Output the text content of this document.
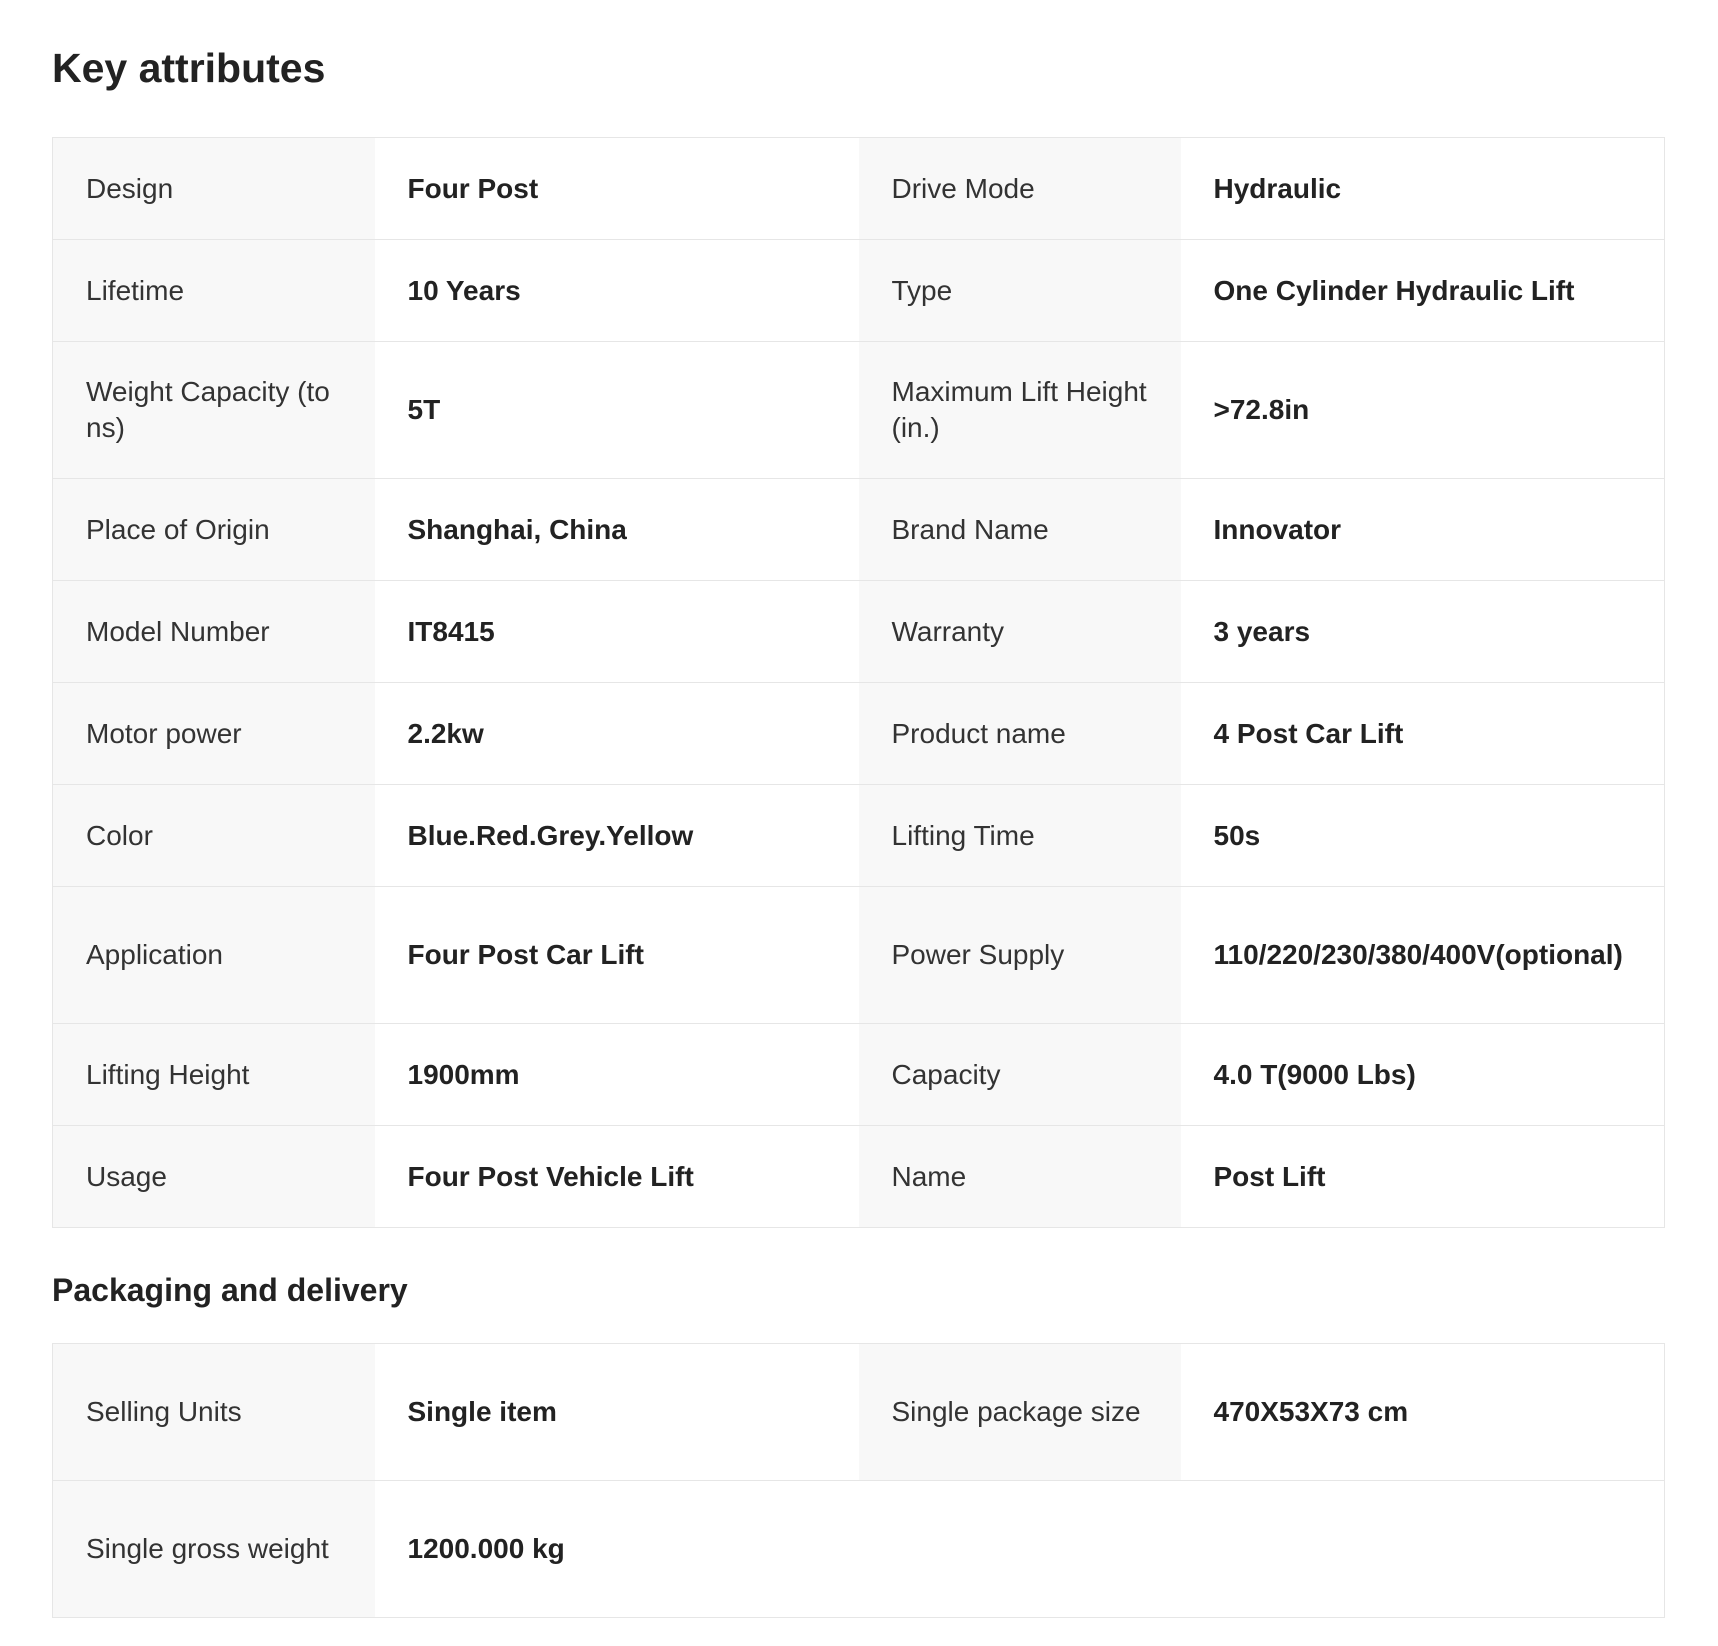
Key attributes
Design	Four Post	Drive Mode	Hydraulic
Lifetime	10 Years	Type	One Cylinder Hydraulic Lift
Weight Capacity (tons)	5T	Maximum Lift Height (in.)	>72.8in
Place of Origin	Shanghai, China	Brand Name	Innovator
Model Number	IT8415	Warranty	3 years
Motor power	2.2kw	Product name	4 Post Car Lift
Color	Blue.Red.Grey.Yellow	Lifting Time	50s
Application	Four Post Car Lift	Power Supply	110/220/230/380/400V(optional)
Lifting Height	1900mm	Capacity	4.0 T(9000 Lbs)
Usage	Four Post Vehicle Lift	Name	Post Lift
Packaging and delivery
Selling Units	Single item	Single package size	470X53X73 cm
Single gross weight	1200.000 kg		
